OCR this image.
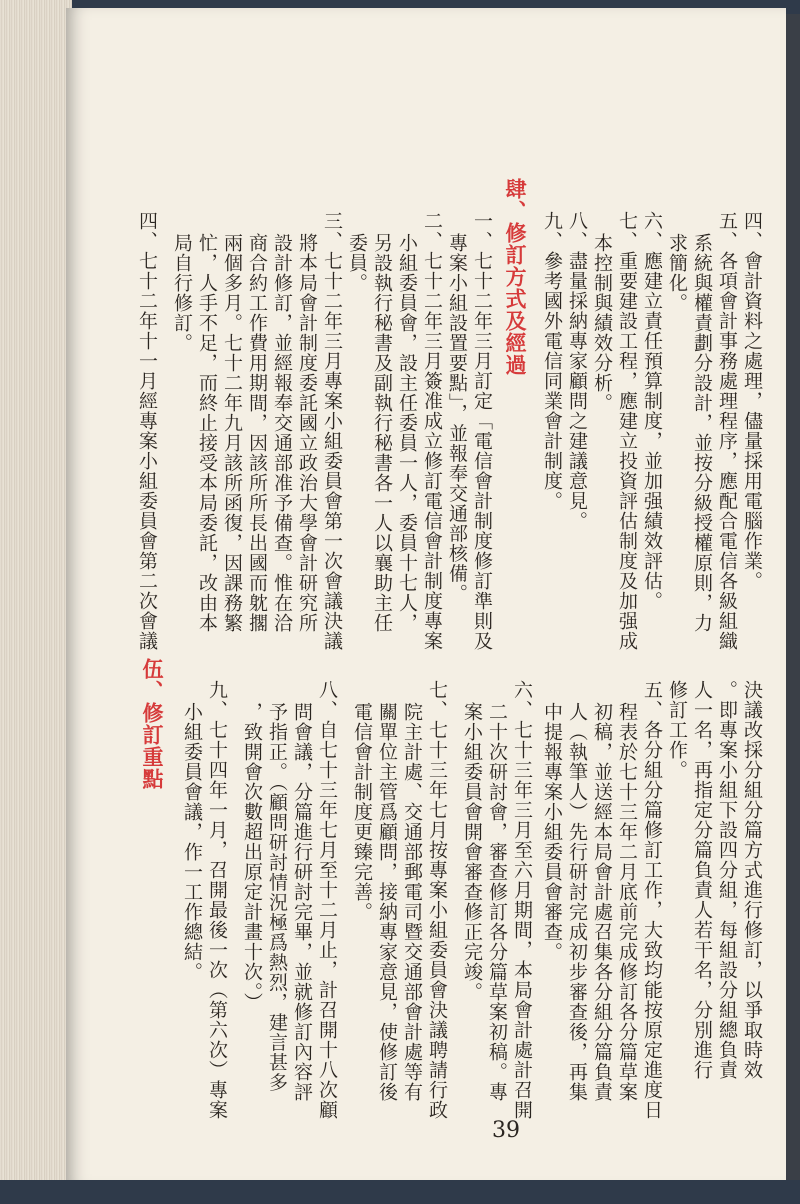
四、會計資料之處理，儘量採用電腦作業。
五、各項會計事務處理程序，應配合電信各級組織
系統與權責劃分設計，並按分級授權原則，力
求簡化。
六、應建立責任預算制度，並加强績效評估。
七、重要建設工程，應建立投資評估制度及加强成
本控制與績效分析。
八、盡量採納專家顧問之建議意見。
九、參考國外電信同業會計制度。
肆、修訂方式及經過
一、七十二年三月訂定「電信會計制度修訂準則及
專案小組設置要點」，並報奉交通部核備。
二、七十二年三月簽准成立修訂電信會計制度專案
小組委員會，設主任委員一人，委員十七人，
另設執行秘書及副執行秘書各一人以襄助主任
委員。
三、七十二年三月專案小組委員會第一次會議決議
將本局會計制度委託國立政治大學會計研究所
設計修訂，並經報奉交通部准予備查。惟在洽
商合約工作費用期間，因該所所長出國而躭擱
兩個多月。七十二年九月該所函復，因課務繁
忙，人手不足，而終止接受本局委託，改由本
局自行修訂。
四、七十二年十一月經專案小組委員會第二次會議
決議改採分組分篇方式進行修訂，以爭取時效
。即專案小組下設四分組，每組設分組總負責
人一名，再指定分篇負責人若干名，分別進行
修訂工作。
五、各分組分篇修訂工作，大致均能按原定進度日
程表於七十三年二月底前完成修訂各分篇草案
初稿，並送經本局會計處召集各分組分篇負責
人（執筆人）先行研討完成初步審查後，再集
中提報專案小組委員會審查。
六、七十三年三月至六月期間，本局會計處計召開
二十次研討會，審查修訂各分篇草案初稿。專
案小組委員會開會審查修正完竣。
七、七十三年七月按專案小組委員會決議聘請行政
院主計處、交通部郵電司暨交通部會計處等有
關單位主管爲顧問，接納專家意見，使修訂後
電信會計制度更臻完善。
八、自七十三年七月至十二月止，計召開十八次顧
問會議，分篇進行研討完畢，並就修訂內容評
予指正。（顧問研討情況極爲熱烈，建言甚多
，致開會次數超出原定計畫十次。）
九、七十四年一月，召開最後一次（第六次）專案
小組委員會議，作一工作總結。
伍、修訂重點
39
